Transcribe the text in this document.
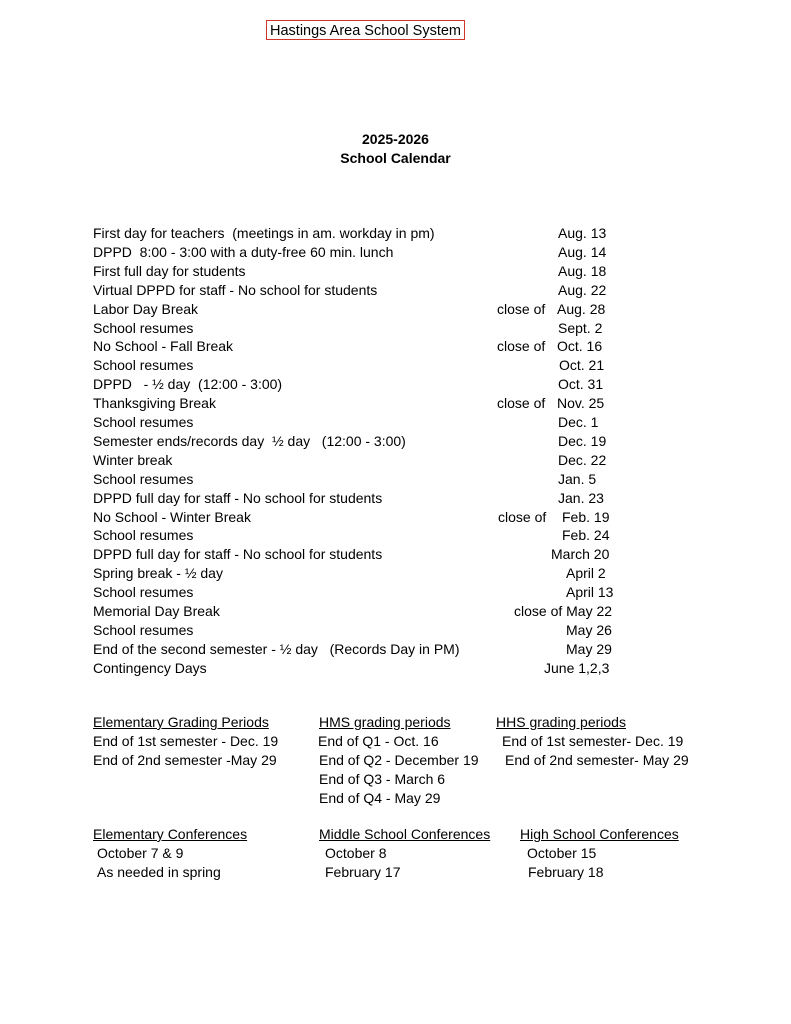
Hastings Area School System
2025-2026
School Calendar
First day for teachers  (meetings in am. workday in pm)	Aug. 13
DPPD  8:00 - 3:00 with a duty-free 60 min. lunch	Aug. 14
First full day for students	Aug. 18
Virtual DPPD for staff - No school for students	Aug. 22
Labor Day Break	close of Aug. 28
School resumes	Sept. 2
No School - Fall Break	close of Oct. 16
School resumes	Oct. 21
DPPD   - ½ day  (12:00 - 3:00)	Oct. 31
Thanksgiving Break	close of Nov. 25
School resumes	Dec. 1
Semester ends/records day  ½ day   (12:00 - 3:00)	Dec. 19
Winter break	Dec. 22
School resumes	Jan. 5
DPPD full day for staff - No school for students	Jan. 23
No School - Winter Break	close of Feb. 19
School resumes	Feb. 24
DPPD full day for staff - No school for students	March 20
Spring break - ½ day	April 2
School resumes	April 13
Memorial Day Break	close of May 22
School resumes	May 26
End of the second semester - ½ day   (Records Day in PM)	May 29
Contingency Days	June 1,2,3
Elementary Grading Periods
End of 1st semester - Dec. 19
End of 2nd semester -May 29
HMS grading periods
End of Q1 - Oct. 16
End of Q2 - December 19
End of Q3 - March 6
End of Q4 - May 29
HHS grading periods
End of 1st semester- Dec. 19
End of 2nd semester- May 29
Elementary Conferences
October 7 & 9
As needed in spring
Middle School Conferences
October 8
February 17
High School Conferences
October 15
February 18
